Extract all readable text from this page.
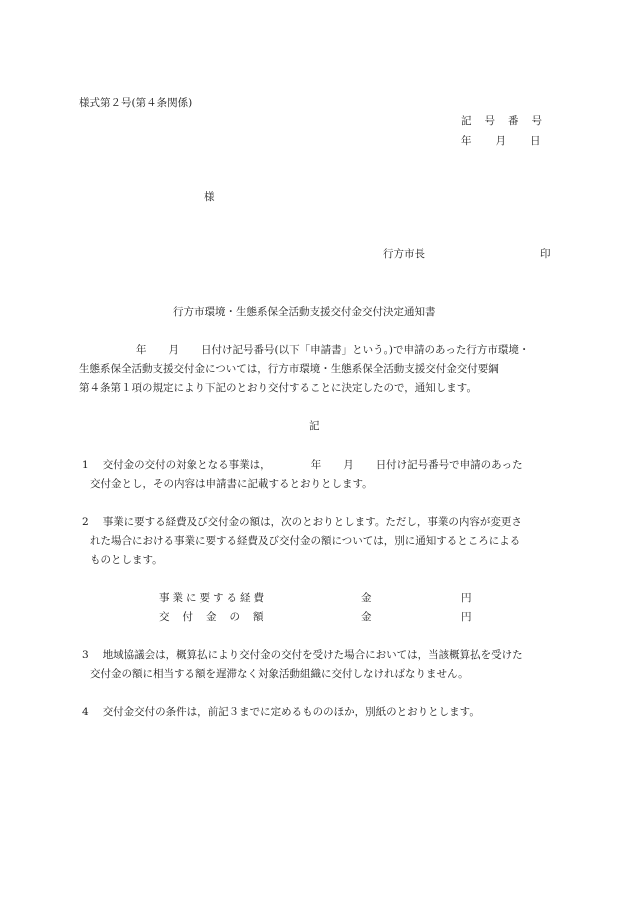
様式第２号(第４条関係)
記 号 番 号
年 月 日
様
行方市長	印
行方市環境・生態系保全活動支援交付金交付決定通知書
年 月 日付け記号番号(以下「申請書」という。)で申請のあった行方市環境・
生態系保全活動支援交付金については，行方市環境・生態系保全活動支援交付金交付要綱
第４条第１項の規定により下記のとおり交付することに決定したので，通知します。
記
1 交付金の交付の対象となる事業は，	年 月 日付け記号番号で申請のあった
交付金とし，その内容は申請書に記載するとおりとします。
2 事業に要する経費及び交付金の額は，次のとおりとします。ただし，事業の内容が変更さ
れた場合における事業に要する経費及び交付金の額については，別に通知するところによる
ものとします。
事業に要する経費	金	円
交付金の額	金	円
3 地域協議会は，概算払により交付金の交付を受けた場合においては，当該概算払を受けた
交付金の額に相当する額を遅滞なく対象活動組織に交付しなければなりません。
4 交付金交付の条件は，前記３までに定めるもののほか，別紙のとおりとします。
